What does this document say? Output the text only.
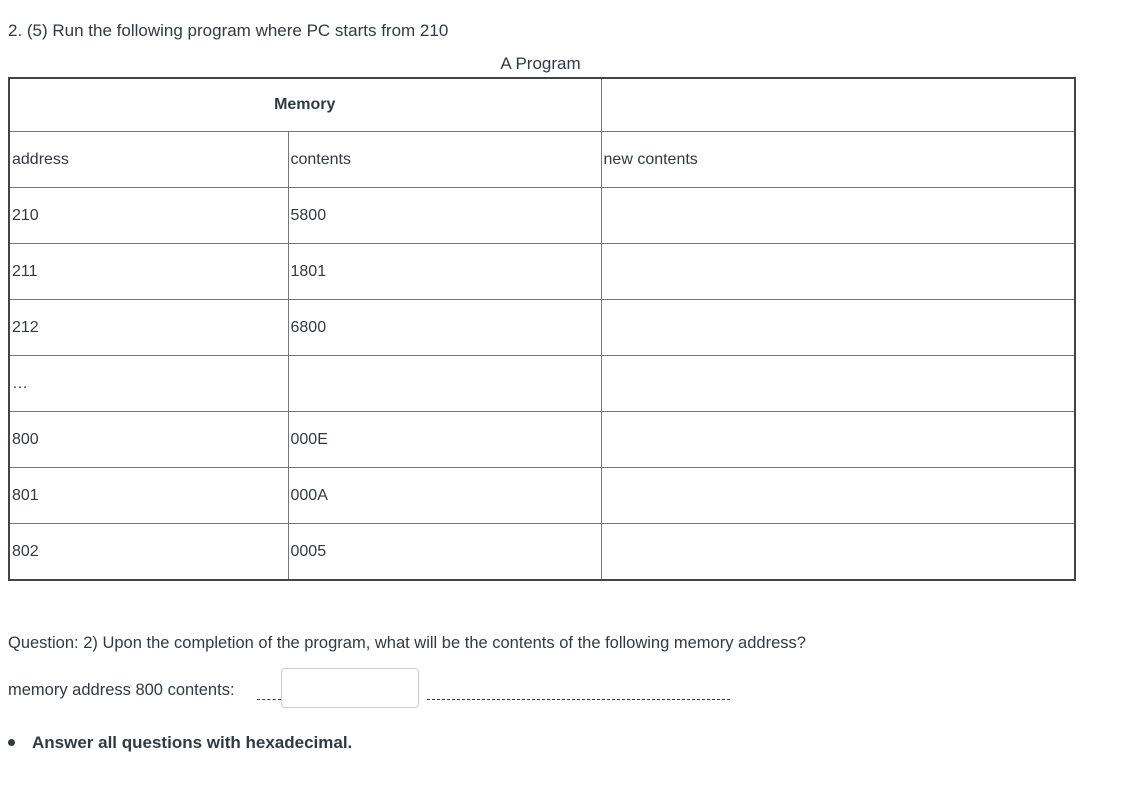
2. (5) Run the following program where PC starts from 210
A Program
Memory		
address	contents	new contents
210	5800	
211	1801	
212	6800	
…		
800	000E	
801	000A	
802	0005	
Question: 2) Upon the completion of the program, what will be the contents of the following memory address?
memory address 800 contents:
Answer all questions with hexadecimal.
